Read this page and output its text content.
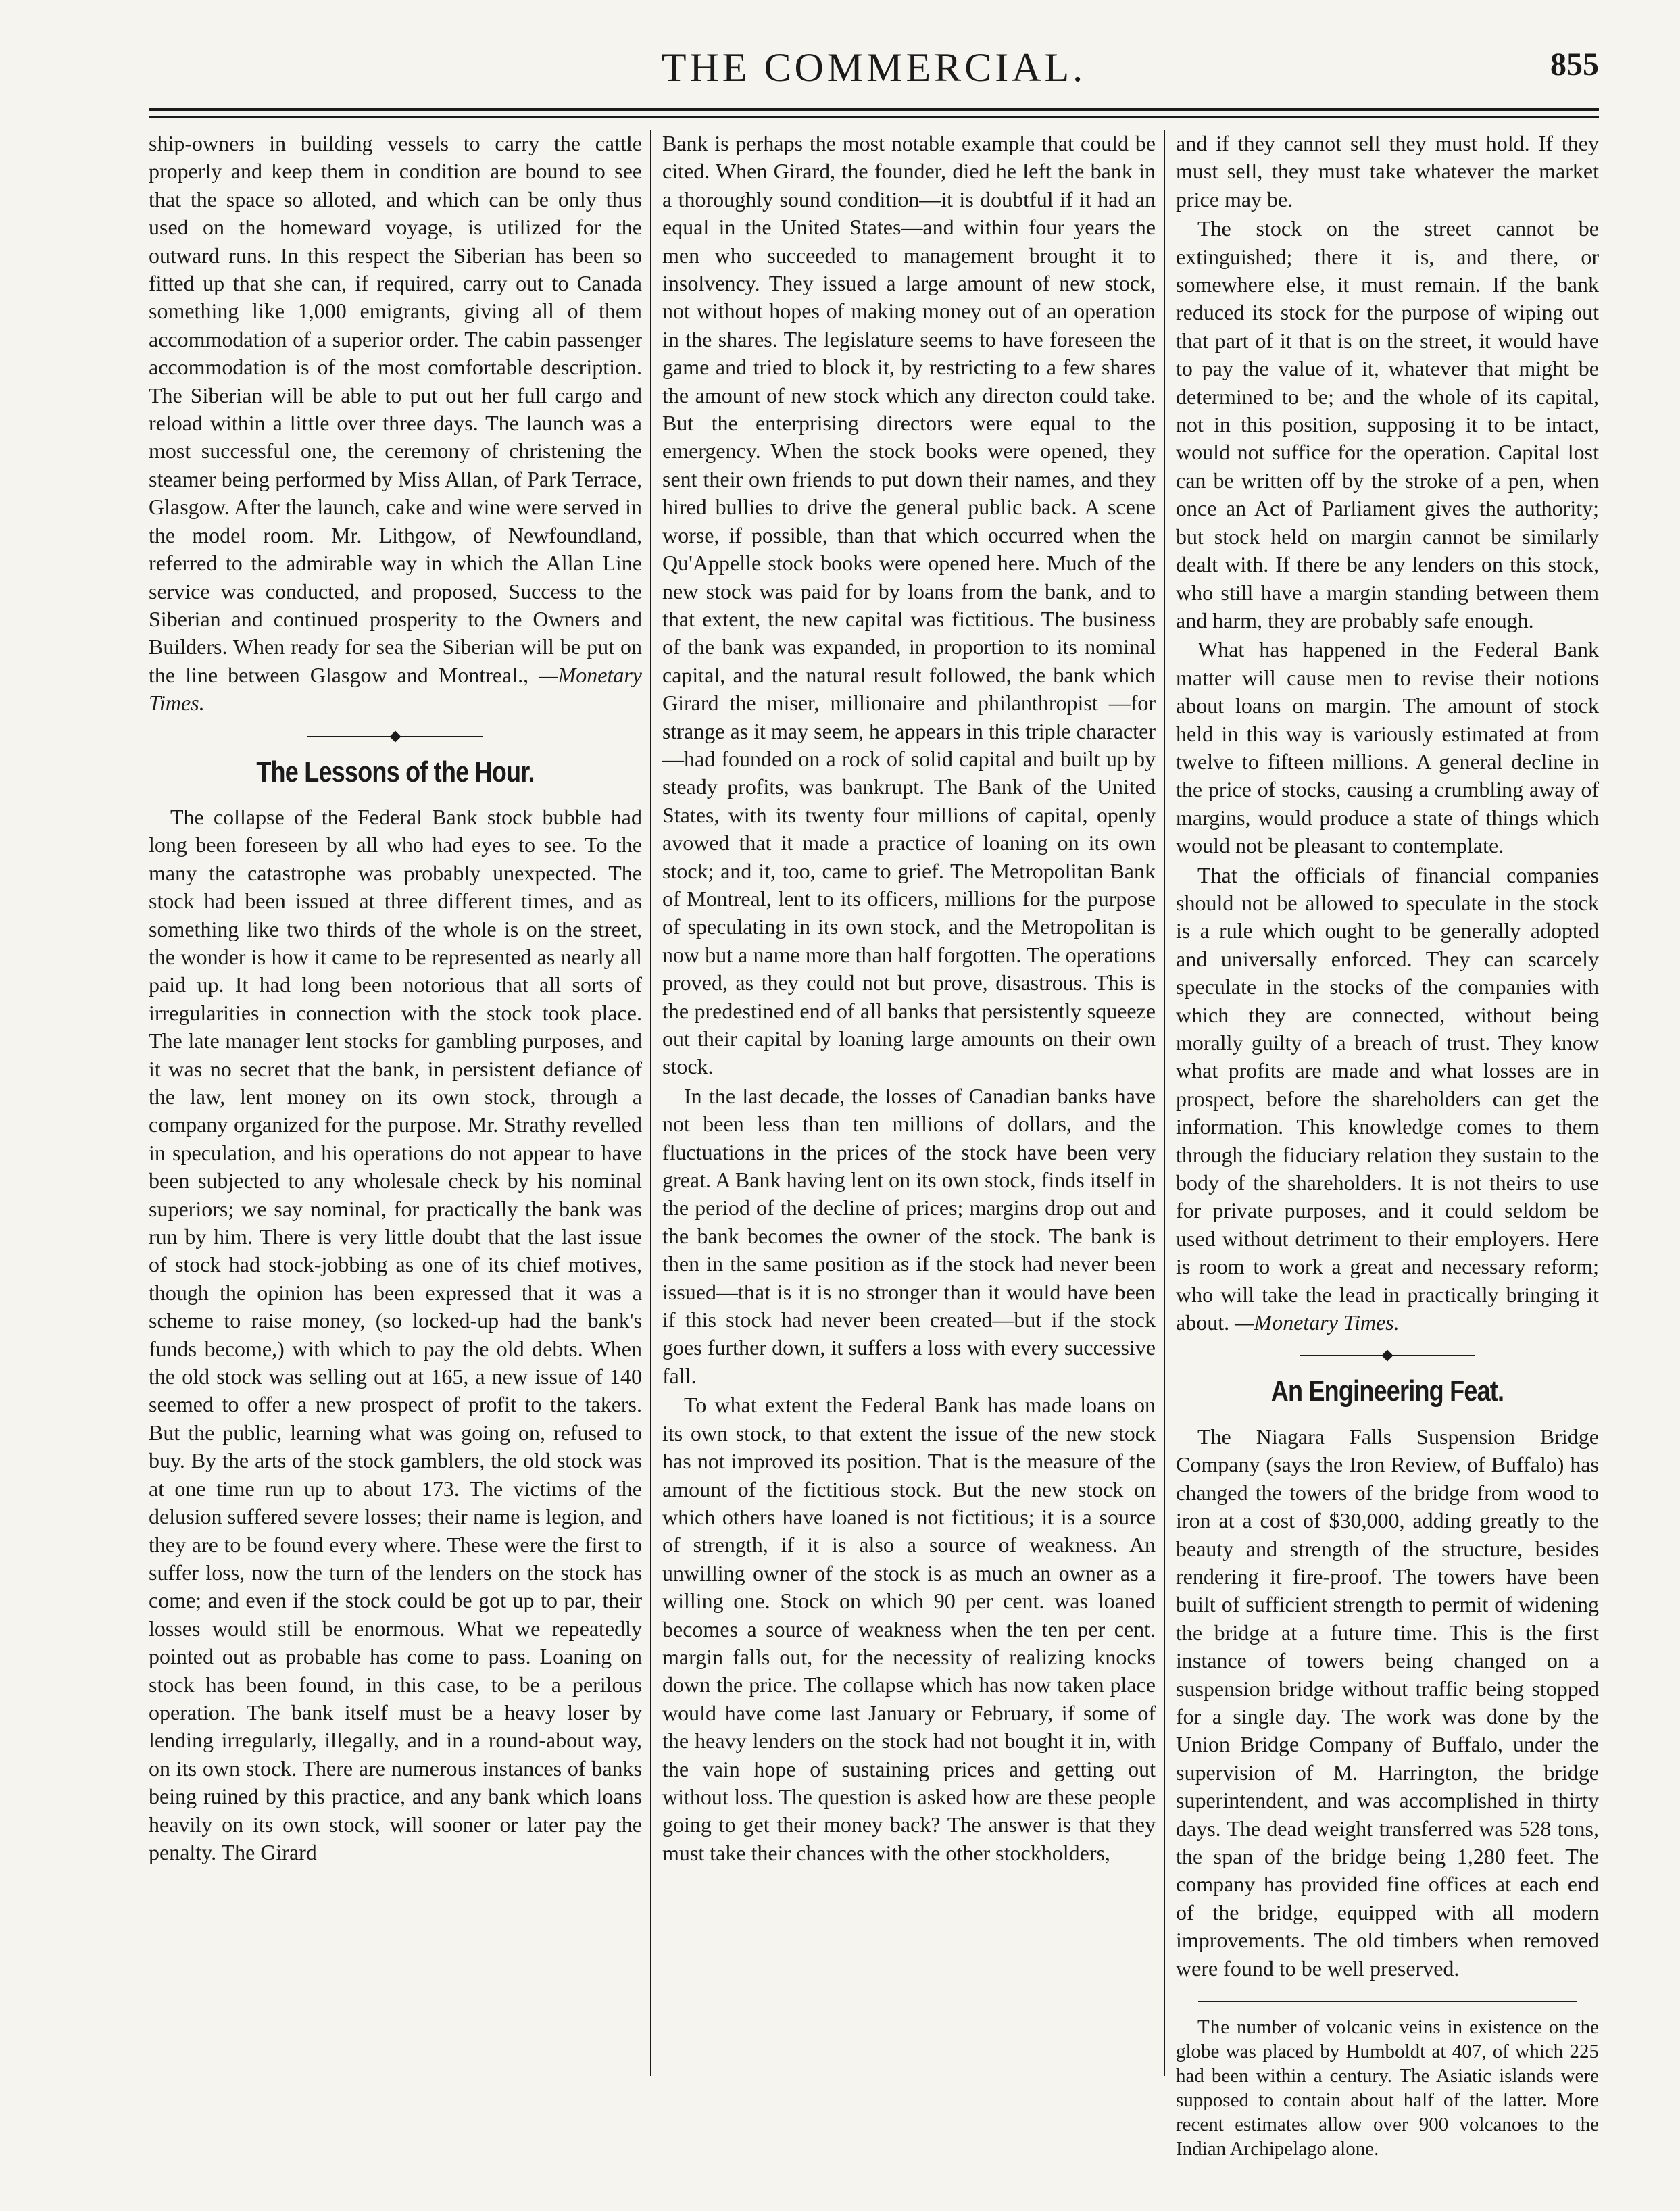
THE COMMERCIAL.	855

ship-owners in building vessels to carry the cattle properly and keep them in condition are bound to see that the space so alloted, and which can be only thus used on the homeward voyage, is utilized for the outward runs. In this respect the Siberian has been so fitted up that she can, if required, carry out to Canada something like 1,000 emigrants, giving all of them accommodation of a superior order. The cabin passenger accommodation is of the most comfortable description. The Siberian will be able to put out her full cargo and reload within a little over three days. The launch was a most successful one, the ceremony of christening the steamer being performed by Miss Allan, of Park Terrace, Glasgow. After the launch, cake and wine were served in the model room. Mr. Lithgow, of Newfoundland, referred to the admirable way in which the Allan Line service was conducted, and proposed, Success to the Siberian and continued prosperity to the Owners and Builders. When ready for sea the Siberian will be put on the line between Glasgow and Montreal., —Monetary Times.

The Lessons of the Hour.

The collapse of the Federal Bank stock bubble had long been foreseen by all who had eyes to see. To the many the catastrophe was probably unexpected. The stock had been issued at three different times, and as something like two thirds of the whole is on the street, the wonder is how it came to be represented as nearly all paid up. It had long been notorious that all sorts of irregularities in connection with the stock took place. The late manager lent stocks for gambling purposes, and it was no secret that the bank, in persistent defiance of the law, lent money on its own stock, through a company organized for the purpose. Mr. Strathy revelled in speculation, and his operations do not appear to have been subjected to any wholesale check by his nominal superiors; we say nominal, for practically the bank was run by him. There is very little doubt that the last issue of stock had stock-jobbing as one of its chief motives, though the opinion has been expressed that it was a scheme to raise money, (so locked-up had the bank's funds become,) with which to pay the old debts. When the old stock was selling out at 165, a new issue of 140 seemed to offer a new prospect of profit to the takers. But the public, learning what was going on, refused to buy. By the arts of the stock gamblers, the old stock was at one time run up to about 173. The victims of the delusion suffered severe losses; their name is legion, and they are to be found every where. These were the first to suffer loss, now the turn of the lenders on the stock has come; and even if the stock could be got up to par, their losses would still be enormous. What we repeatedly pointed out as probable has come to pass. Loaning on stock has been found, in this case, to be a perilous operation. The bank itself must be a heavy loser by lending irregularly, illegally, and in a round-about way, on its own stock. There are numerous instances of banks being ruined by this practice, and any bank which loans heavily on its own stock, will sooner or later pay the penalty. The Girard

Bank is perhaps the most notable example that could be cited. When Girard, the founder, died he left the bank in a thoroughly sound condition—it is doubtful if it had an equal in the United States—and within four years the men who succeeded to management brought it to insolvency. They issued a large amount of new stock, not without hopes of making money out of an operation in the shares. The legislature seems to have foreseen the game and tried to block it, by restricting to a few shares the amount of new stock which any directon could take. But the enterprising directors were equal to the emergency. When the stock books were opened, they sent their own friends to put down their names, and they hired bullies to drive the general public back. A scene worse, if possible, than that which occurred when the Qu'Appelle stock books were opened here. Much of the new stock was paid for by loans from the bank, and to that extent, the new capital was fictitious. The business of the bank was expanded, in proportion to its nominal capital, and the natural result followed, the bank which Girard the miser, millionaire and philanthropist —for strange as it may seem, he appears in this triple character—had founded on a rock of solid capital and built up by steady profits, was bankrupt. The Bank of the United States, with its twenty four millions of capital, openly avowed that it made a practice of loaning on its own stock; and it, too, came to grief. The Metropolitan Bank of Montreal, lent to its officers, millions for the purpose of speculating in its own stock, and the Metropolitan is now but a name more than half forgotten. The operations proved, as they could not but prove, disastrous. This is the predestined end of all banks that persistently squeeze out their capital by loaning large amounts on their own stock.

In the last decade, the losses of Canadian banks have not been less than ten millions of dollars, and the fluctuations in the prices of the stock have been very great. A Bank having lent on its own stock, finds itself in the period of the decline of prices; margins drop out and the bank becomes the owner of the stock. The bank is then in the same position as if the stock had never been issued—that is it is no stronger than it would have been if this stock had never been created—but if the stock goes further down, it suffers a loss with every successive fall.

To what extent the Federal Bank has made loans on its own stock, to that extent the issue of the new stock has not improved its position. That is the measure of the amount of the fictitious stock. But the new stock on which others have loaned is not fictitious; it is a source of strength, if it is also a source of weakness. An unwilling owner of the stock is as much an owner as a willing one. Stock on which 90 per cent. was loaned becomes a source of weakness when the ten per cent. margin falls out, for the necessity of realizing knocks down the price. The collapse which has now taken place would have come last January or February, if some of the heavy lenders on the stock had not bought it in, with the vain hope of sustaining prices and getting out without loss. The question is asked how are these people going to get their money back? The answer is that they must take their chances with the other stockholders,

and if they cannot sell they must hold. If they must sell, they must take whatever the market price may be.

The stock on the street cannot be extinguished; there it is, and there, or somewhere else, it must remain. If the bank reduced its stock for the purpose of wiping out that part of it that is on the street, it would have to pay the value of it, whatever that might be determined to be; and the whole of its capital, not in this position, supposing it to be intact, would not suffice for the operation. Capital lost can be written off by the stroke of a pen, when once an Act of Parliament gives the authority; but stock held on margin cannot be similarly dealt with. If there be any lenders on this stock, who still have a margin standing between them and harm, they are probably safe enough.

What has happened in the Federal Bank matter will cause men to revise their notions about loans on margin. The amount of stock held in this way is variously estimated at from twelve to fifteen millions. A general decline in the price of stocks, causing a crumbling away of margins, would produce a state of things which would not be pleasant to contemplate.

That the officials of financial companies should not be allowed to speculate in the stock is a rule which ought to be generally adopted and universally enforced. They can scarcely speculate in the stocks of the companies with which they are connected, without being morally guilty of a breach of trust. They know what profits are made and what losses are in prospect, before the shareholders can get the information. This knowledge comes to them through the fiduciary relation they sustain to the body of the shareholders. It is not theirs to use for private purposes, and it could seldom be used without detriment to their employers. Here is room to work a great and necessary reform; who will take the lead in practically bringing it about. —Monetary Times.

An Engineering Feat.

The Niagara Falls Suspension Bridge Company (says the Iron Review, of Buffalo) has changed the towers of the bridge from wood to iron at a cost of $30,000, adding greatly to the beauty and strength of the structure, besides rendering it fire-proof. The towers have been built of sufficient strength to permit of widening the bridge at a future time. This is the first instance of towers being changed on a suspension bridge without traffic being stopped for a single day. The work was done by the Union Bridge Company of Buffalo, under the supervision of M. Harrington, the bridge superintendent, and was accomplished in thirty days. The dead weight transferred was 528 tons, the span of the bridge being 1,280 feet. The company has provided fine offices at each end of the bridge, equipped with all modern improvements. The old timbers when removed were found to be well preserved.

The number of volcanic veins in existence on the globe was placed by Humboldt at 407, of which 225 had been within a century. The Asiatic islands were supposed to contain about half of the latter. More recent estimates allow over 900 volcanoes to the Indian Archipelago alone.
